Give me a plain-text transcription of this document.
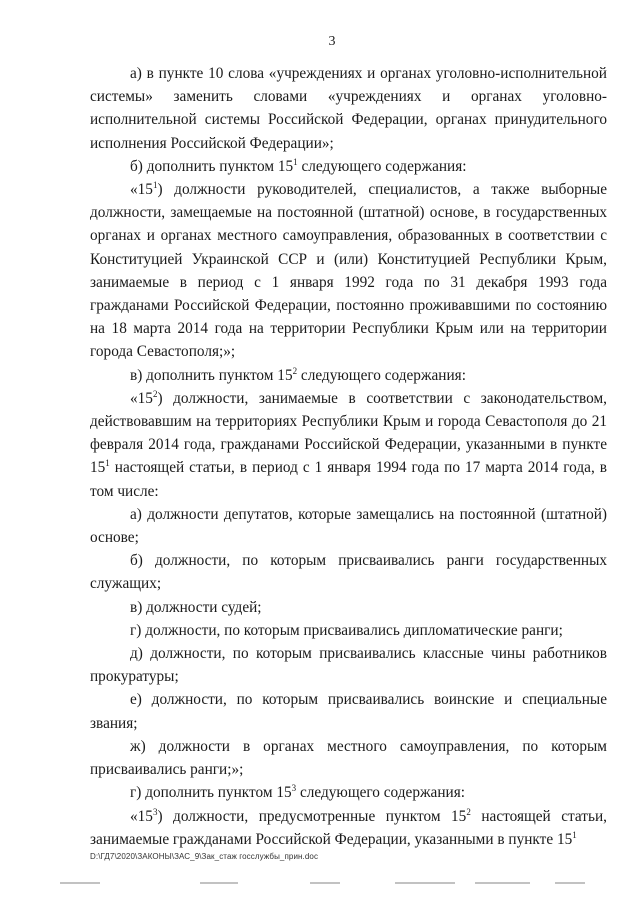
3

а) в пункте 10 слова «учреждениях и органах уголовно-исполнительной системы» заменить словами «учреждениях и органах уголовно-исполнительной системы Российской Федерации, органах принудительного исполнения Российской Федерации»;

б) дополнить пунктом $15^1$ следующего содержания:

«$15^1$) должности руководителей, специалистов, а также выборные должности, замещаемые на постоянной (штатной) основе, в государственных органах и органах местного самоуправления, образованных в соответствии с Конституцией Украинской ССР и (или) Конституцией Республики Крым, занимаемые в период с 1 января 1992 года по 31 декабря 1993 года гражданами Российской Федерации, постоянно проживавшими по состоянию на 18 марта 2014 года на территории Республики Крым или на территории города Севастополя;»;

в) дополнить пунктом $15^2$ следующего содержания:

«$15^2$) должности, занимаемые в соответствии с законодательством, действовавшим на территориях Республики Крым и города Севастополя до 21 февраля 2014 года, гражданами Российской Федерации, указанными в пункте $15^1$ настоящей статьи, в период с 1 января 1994 года по 17 марта 2014 года, в том числе:

а) должности депутатов, которые замещались на постоянной (штатной) основе;

б) должности, по которым присваивались ранги государственных служащих;

в) должности судей;

г) должности, по которым присваивались дипломатические ранги;

д) должности, по которым присваивались классные чины работников прокуратуры;

е) должности, по которым присваивались воинские и специальные звания;

ж) должности в органах местного самоуправления, по которым присваивались ранги;»;

г) дополнить пунктом $15^3$ следующего содержания:

«$15^3$) должности, предусмотренные пунктом $15^2$ настоящей статьи, занимаемые гражданами Российской Федерации, указанными в пункте $15^1$

D:\ГД7\2020\ЗАКОНЫ\ЗАС_9\Зак_стаж госслужбы_прин.doc
